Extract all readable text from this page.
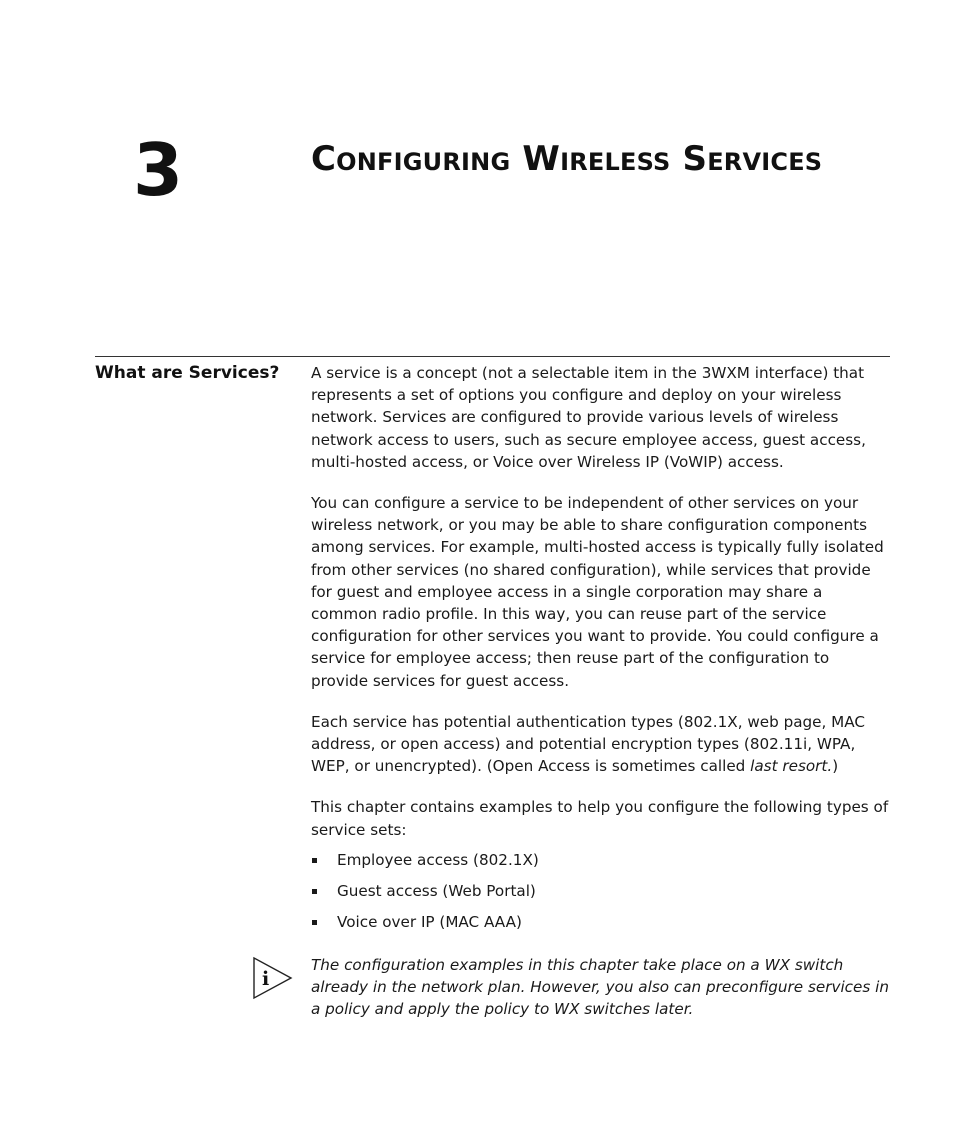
3	Configuring Wireless Services
What are Services? A service is a concept (not a selectable item in the 3WXM interface) that represents a set of options you configure and deploy on your wireless network. Services are configured to provide various levels of wireless network access to users, such as secure employee access, guest access, multi-hosted access, or Voice over Wireless IP (VoWIP) access.

You can configure a service to be independent of other services on your wireless network, or you may be able to share configuration components among services. For example, multi-hosted access is typically fully isolated from other services (no shared configuration), while services that provide for guest and employee access in a single corporation may share a common radio profile. In this way, you can reuse part of the service configuration for other services you want to provide. You could configure a service for employee access; then reuse part of the configuration to provide services for guest access.

Each service has potential authentication types (802.1X, web page, MAC address, or open access) and potential encryption types (802.11i, WPA, WEP, or unencrypted). (Open Access is sometimes called last resort.)

This chapter contains examples to help you configure the following types of service sets:

Employee access (802.1X)
Guest access (Web Portal)
Voice over IP (MAC AAA)
i
The configuration examples in this chapter take place on a WX switch already in the network plan. However, you also can preconfigure services in a policy and apply the policy to WX switches later.
